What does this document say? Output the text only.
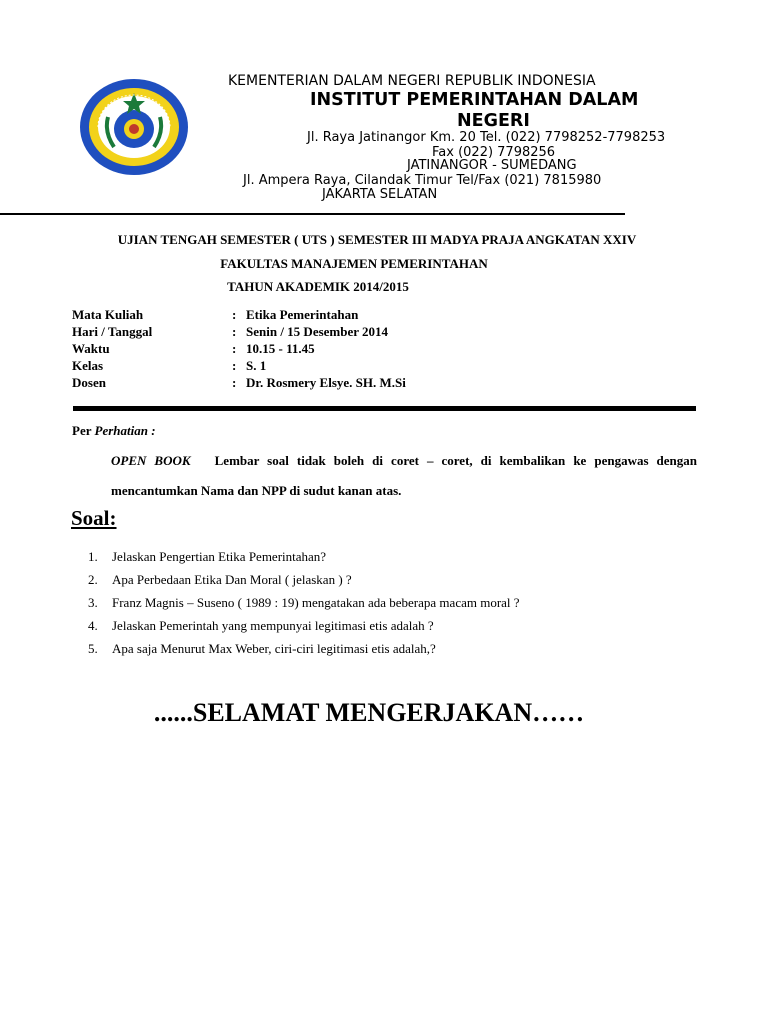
KEMENTERIAN DALAM NEGERI REPUBLIK INDONESIA
INSTITUT PEMERINTAHAN DALAM
NEGERI
Jl. Raya Jatinangor Km. 20 Tel. (022) 7798252-7798253
Fax (022) 7798256
JATINANGOR - SUMEDANG
Jl. Ampera Raya, Cilandak Timur Tel/Fax (021) 7815980
JAKARTA SELATAN
UJIAN TENGAH SEMESTER ( UTS ) SEMESTER III MADYA PRAJA ANGKATAN XXIV
FAKULTAS MANAJEMEN PEMERINTAHAN
TAHUN AKADEMIK 2014/2015
Mata Kuliah	: Etika Pemerintahan
Hari / Tanggal	: Senin / 15 Desember 2014
Waktu	: 10.15 - 11.45
Kelas	: S. 1
Dosen	: Dr. Rosmery Elsye. SH. M.Si
Per Perhatian :
OPEN BOOK Lembar soal tidak boleh di coret – coret, di kembalikan ke pengawas dengan mencantumkan Nama dan NPP di sudut kanan atas.
Soal:
1. Jelaskan Pengertian Etika Pemerintahan?
2. Apa Perbedaan Etika Dan Moral ( jelaskan ) ?
3. Franz Magnis – Suseno ( 1989 : 19) mengatakan ada beberapa macam moral ?
4. Jelaskan Pemerintah yang mempunyai legitimasi etis adalah ?
5. Apa saja Menurut Max Weber, ciri-ciri legitimasi etis adalah,?
......SELAMAT MENGERJAKAN……
